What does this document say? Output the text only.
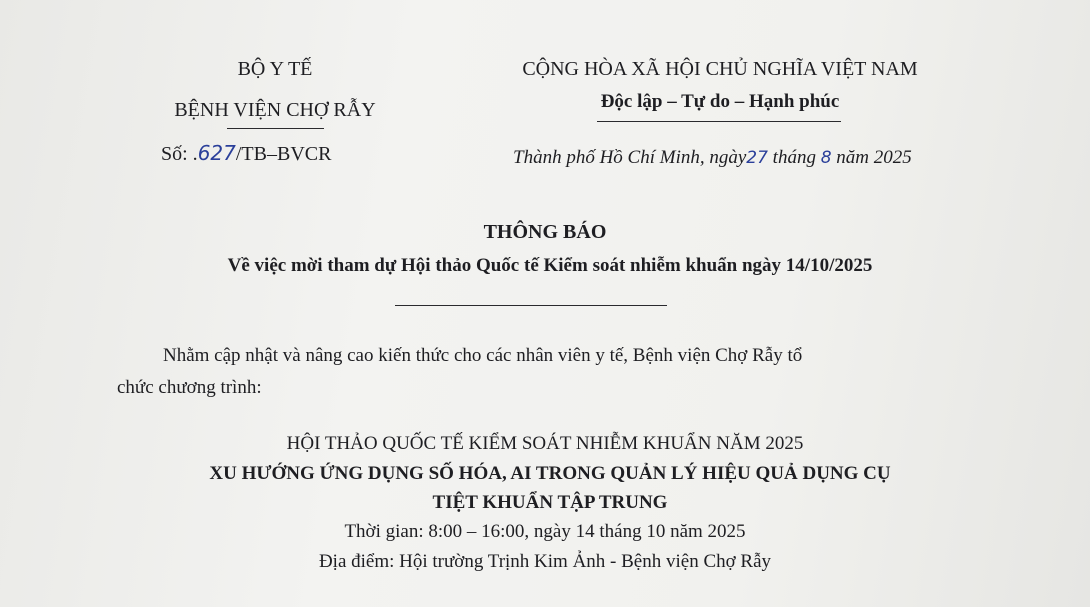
BỘ Y TẾ
BỆNH VIỆN CHỢ RẪY
Số: .627/TB–BVCR
CỘNG HÒA XÃ HỘI CHỦ NGHĨA VIỆT NAM
Độc lập – Tự do – Hạnh phúc
Thành phố Hồ Chí Minh, ngày27 tháng 8 năm 2025
THÔNG BÁO
Về việc mời tham dự Hội thảo Quốc tế Kiểm soát nhiễm khuẩn ngày 14/10/2025
Nhằm cập nhật và nâng cao kiến thức cho các nhân viên y tế, Bệnh viện Chợ Rẫy tổ
chức chương trình:
HỘI THẢO QUỐC TẾ KIỂM SOÁT NHIỄM KHUẨN NĂM 2025
XU HƯỚNG ỨNG DỤNG SỐ HÓA, AI TRONG QUẢN LÝ HIỆU QUẢ DỤNG CỤ
TIỆT KHUẨN TẬP TRUNG
Thời gian: 8:00 – 16:00, ngày 14 tháng 10 năm 2025
Địa điểm: Hội trường Trịnh Kim Ảnh - Bệnh viện Chợ Rẫy
